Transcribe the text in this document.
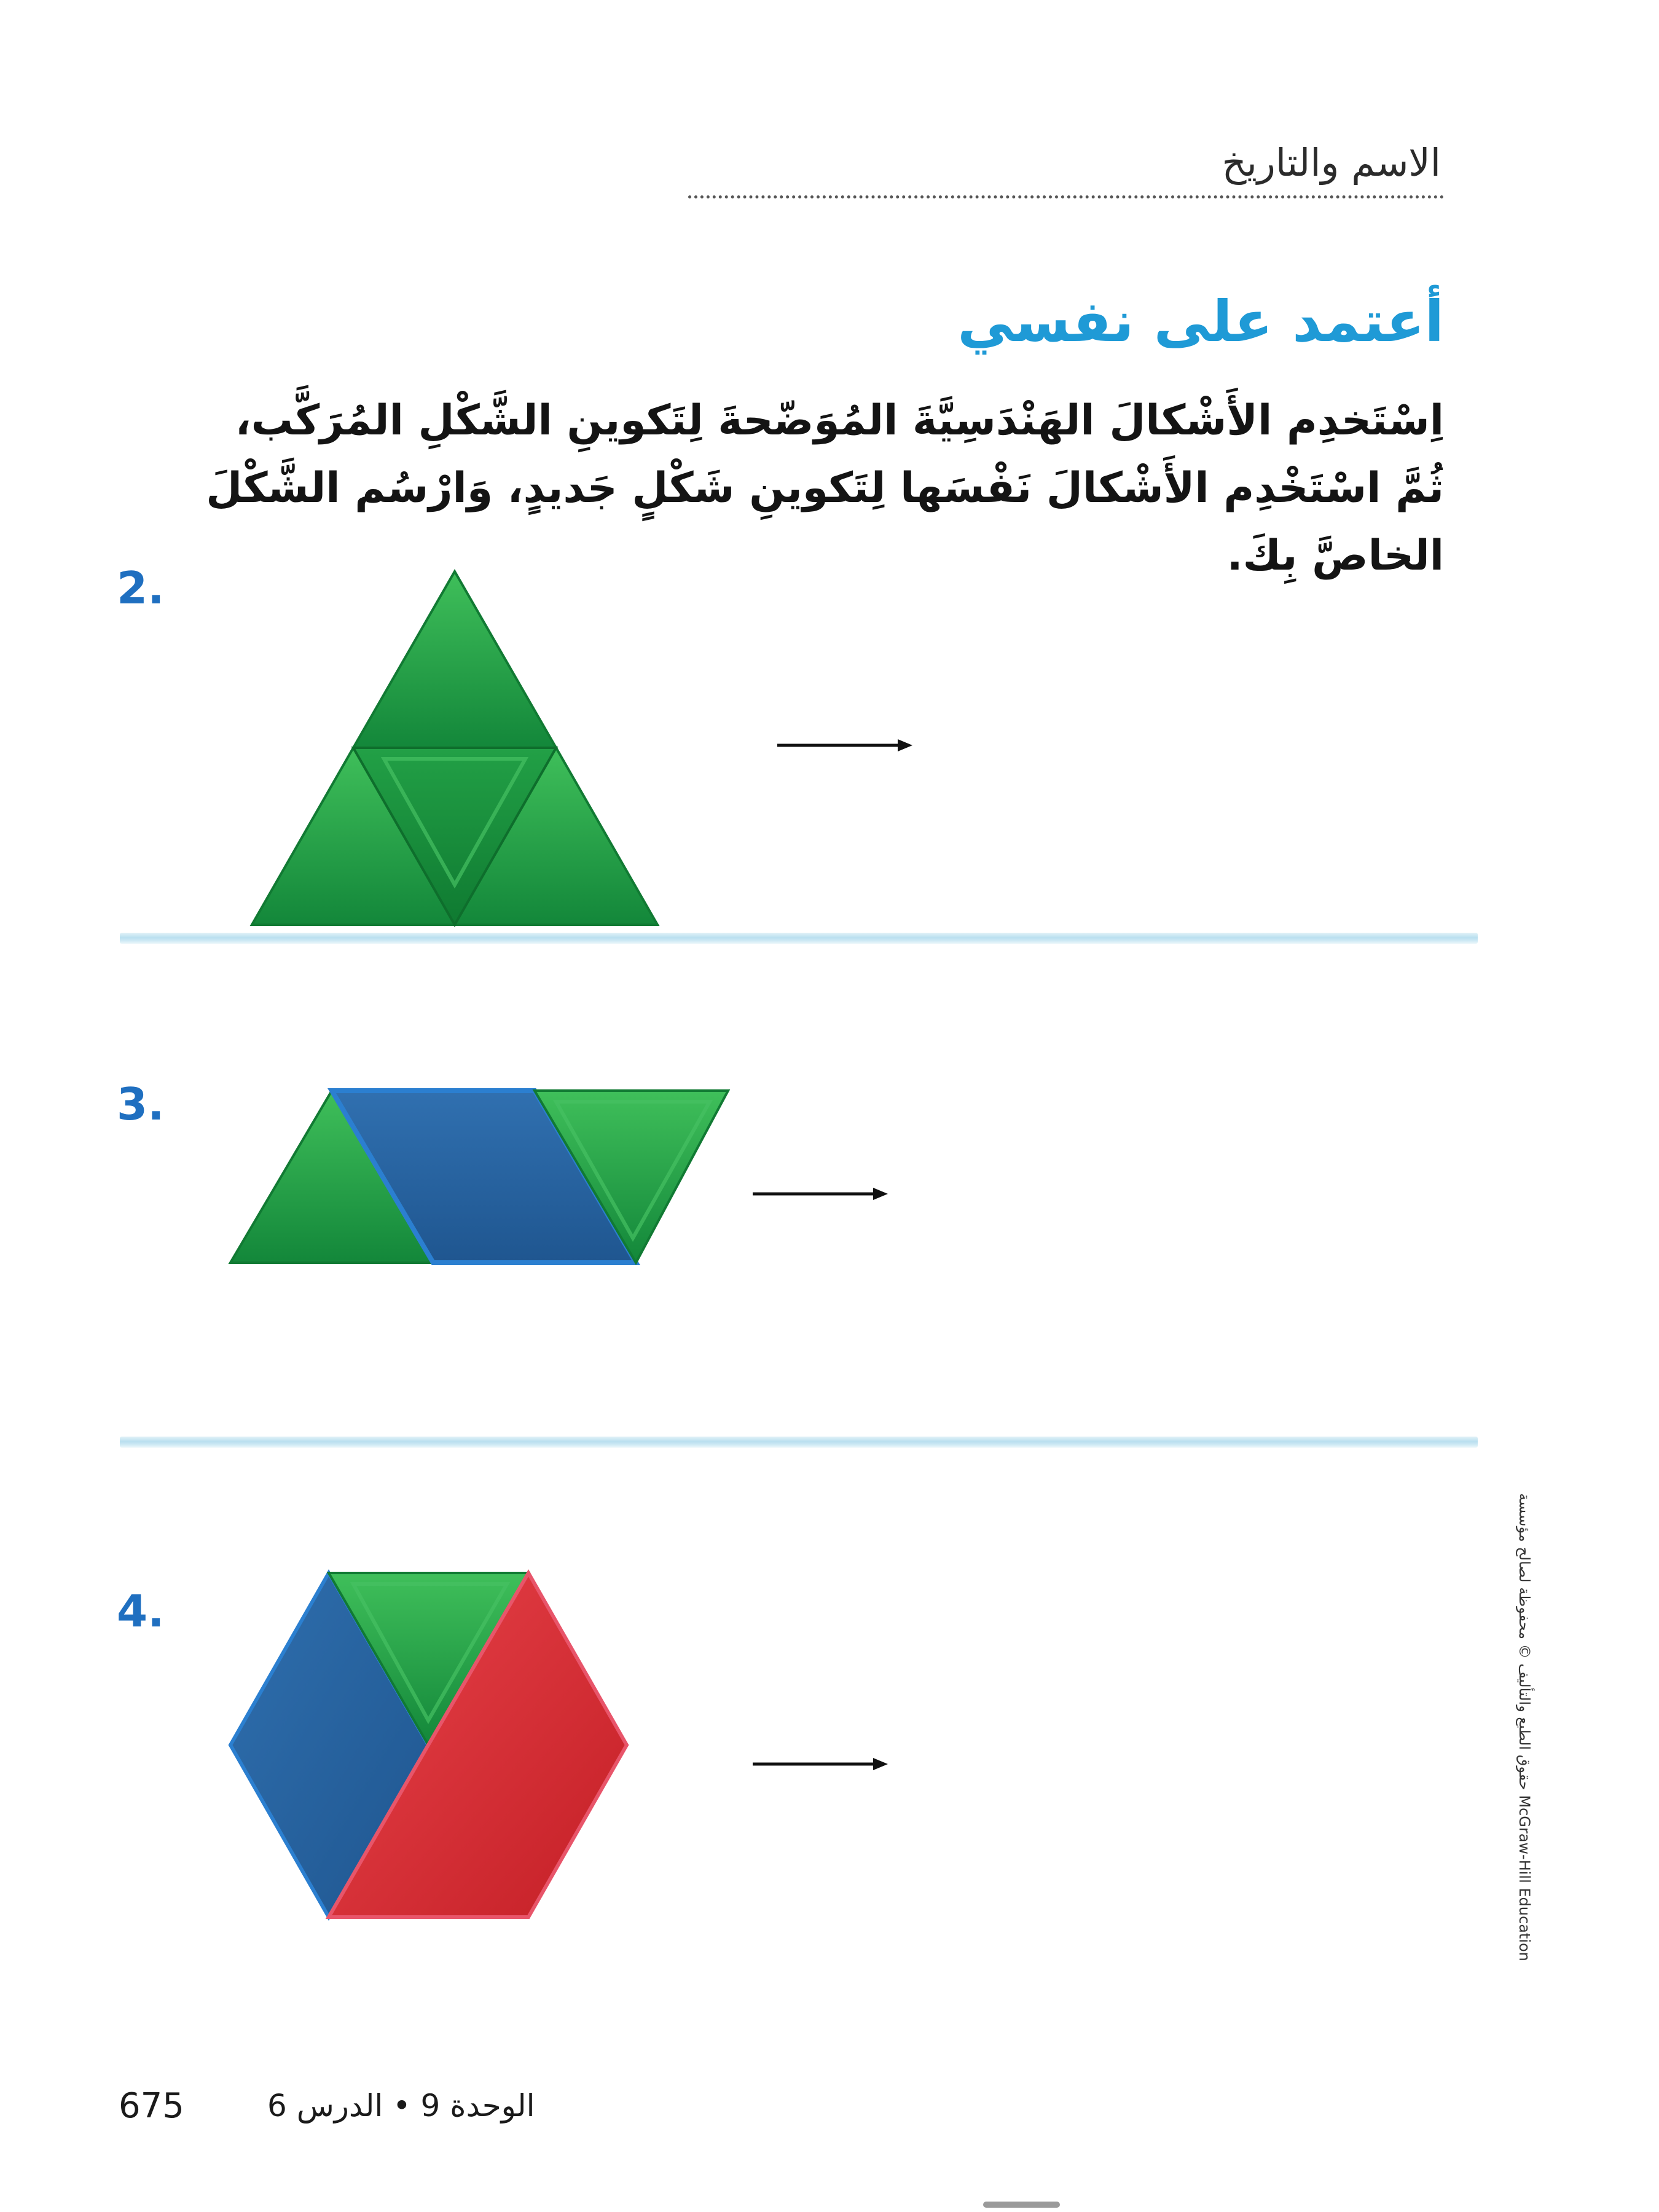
الاسم والتاريخ
أعتمد على نفسي
اِسْتَخدِم الأَشْكالَ الهَنْدَسِيَّةَ المُوَضّحةَ لِتَكوينِ الشَّكْلِ المُرَكَّب، ثُمَّ اسْتَخْدِم الأَشْكالَ نَفْسَها لِتَكوينِ شَكْلٍ جَديدٍ، وَارْسُم الشَّكْلَ الخاصَّ بِكَ.
2.
3.
4.	حقوق الطبع والتأليف © محفوظة لصالح مؤسسة McGraw-Hill Education
675	الوحدة 9 • الدرس 6
